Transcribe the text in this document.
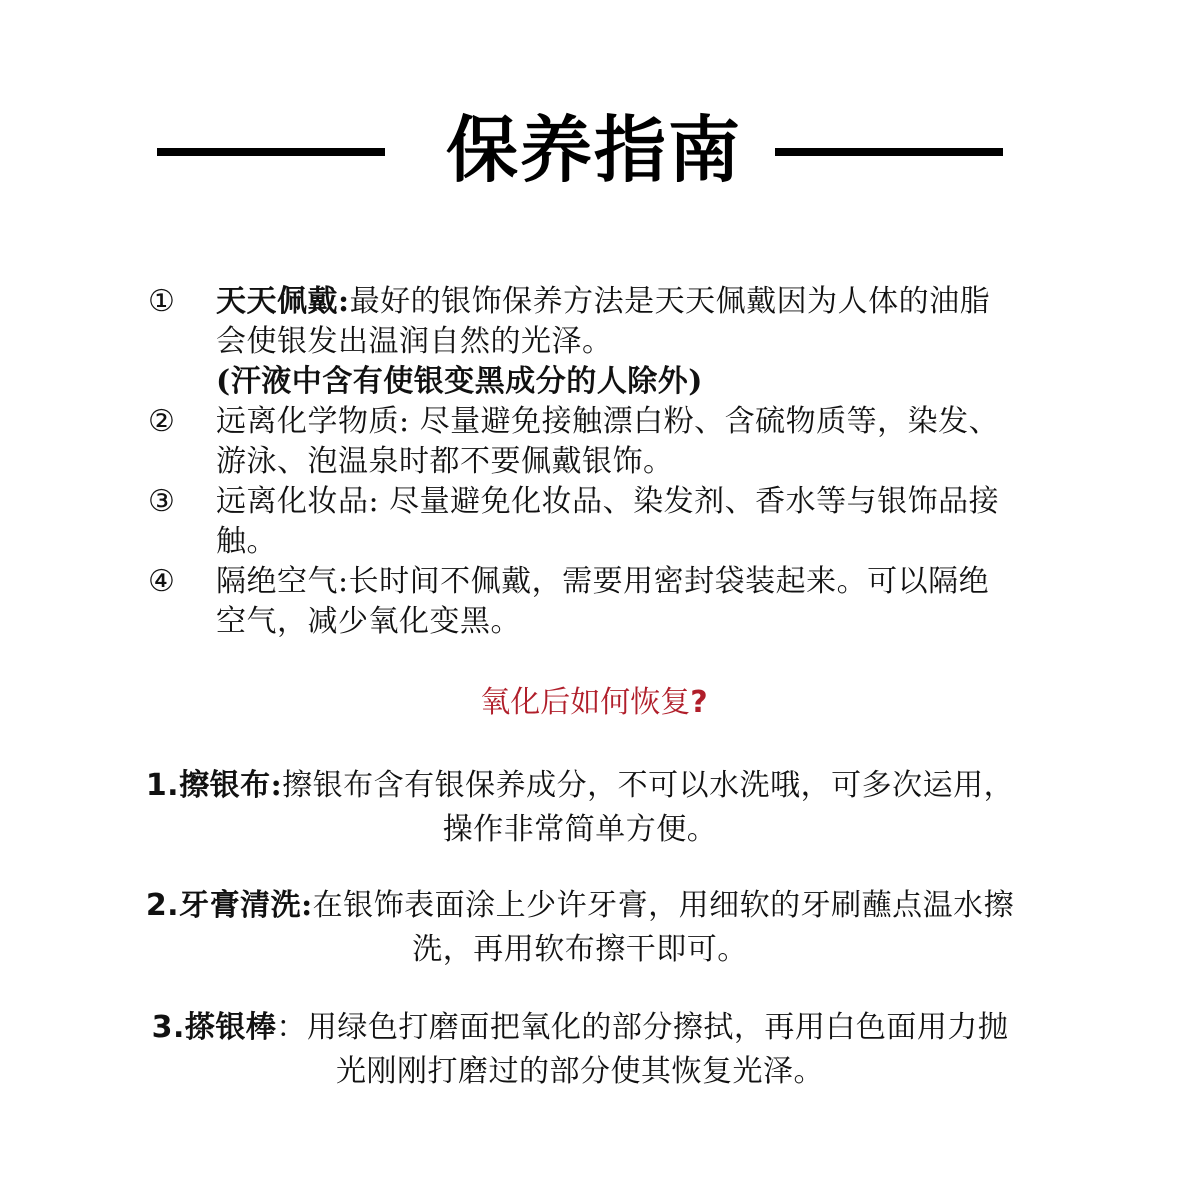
保养指南
①	天天佩戴:最好的银饰保养方法是天天佩戴因为人体的油脂会使银发出温润自然的光泽。
(汗液中含有使银变黑成分的人除外)
②	远离化学物质: 尽量避免接触漂白粉、含硫物质等，染发、游泳、泡温泉时都不要佩戴银饰。
③	远离化妆品: 尽量避免化妆品、染发剂、香水等与银饰品接触。
④	隔绝空气:长时间不佩戴，需要用密封袋装起来。可以隔绝空气，减少氧化变黑。
氧化后如何恢复?
1.擦银布:擦银布含有银保养成分，不可以水洗哦，可多次运用，操作非常简单方便。
2.牙膏清洗:在银饰表面涂上少许牙膏，用细软的牙刷蘸点温水擦洗，再用软布擦干即可。
3.搽银棒：用绿色打磨面把氧化的部分擦拭，再用白色面用力抛光刚刚打磨过的部分使其恢复光泽。
